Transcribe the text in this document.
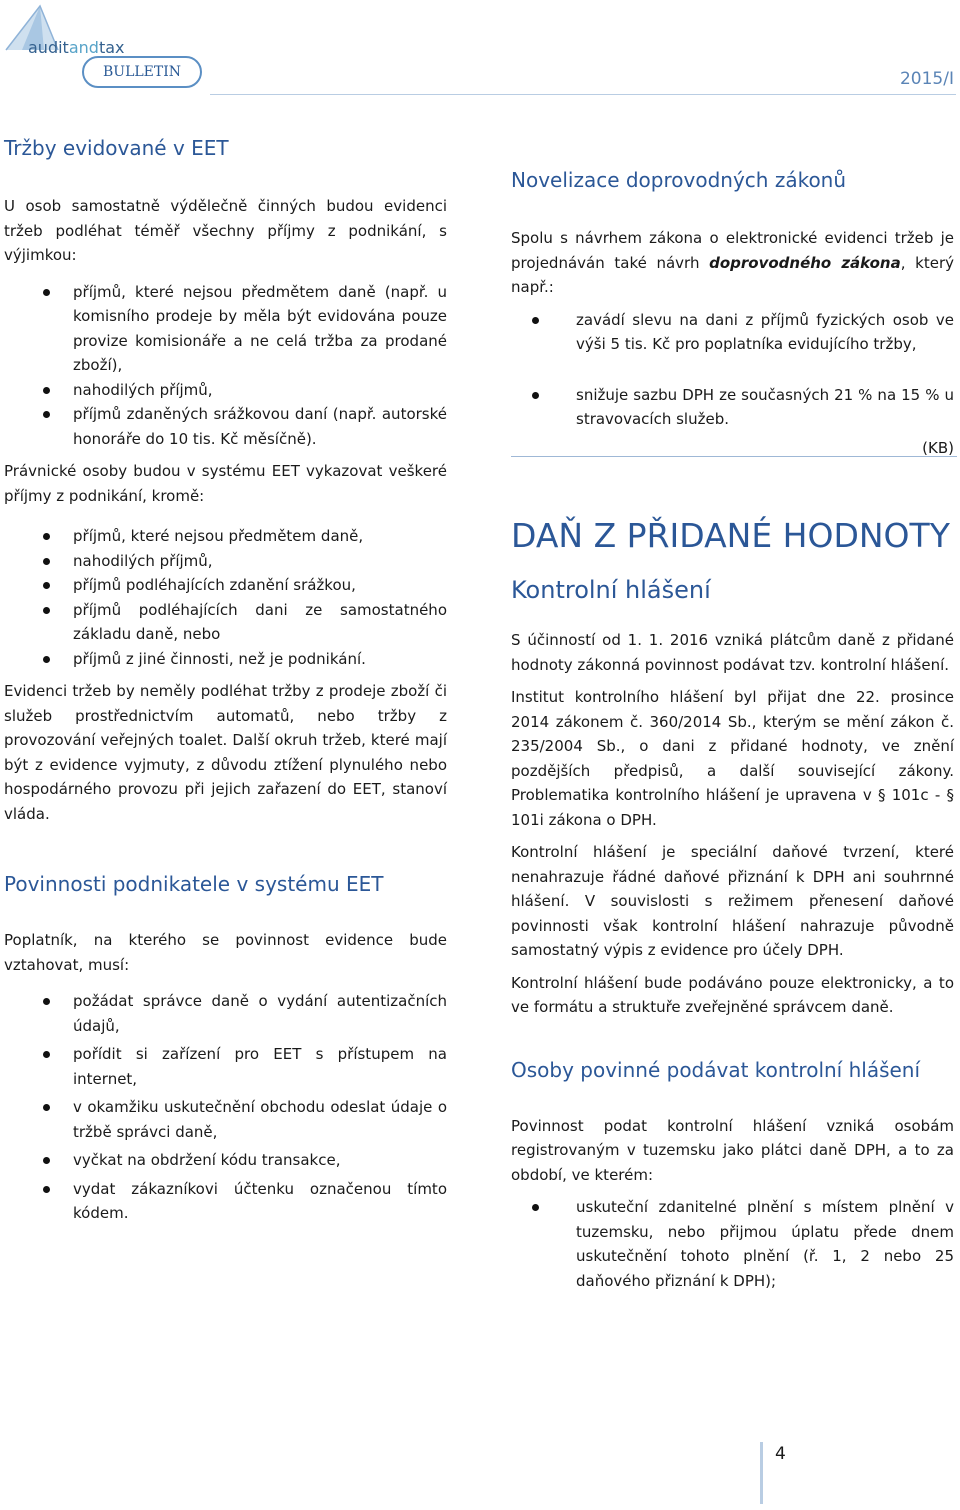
auditandtax
BULLETIN	2015/I
Tržby evidované v EET

U osob samostatně výdělečně činných budou evidenci tržeb podléhat téměř všechny příjmy z podnikání, s výjimkou:

příjmů, které nejsou předmětem daně (např. u komisního prodeje by měla být evidována pouze provize komisionáře a ne celá tržba za prodané zboží),
nahodilých příjmů,
příjmů zdaněných srážkovou daní (např. autorské honoráře do 10 tis. Kč měsíčně).

Právnické osoby budou v systému EET vykazovat veškeré příjmy z podnikání, kromě:

příjmů, které nejsou předmětem daně,
nahodilých příjmů,
příjmů podléhajících zdanění srážkou,
příjmů podléhajících dani ze samostatného základu daně, nebo
příjmů z jiné činnosti, než je podnikání.

Evidenci tržeb by neměly podléhat tržby z prodeje zboží či služeb prostřednictvím automatů, nebo tržby z provozování veřejných toalet. Další okruh tržeb, které mají být z evidence vyjmuty, z důvodu ztížení plynulého nebo hospodárného provozu při jejich zařazení do EET, stanoví vláda.

Povinnosti podnikatele v systému EET

Poplatník, na kterého se povinnost evidence bude vztahovat, musí:

požádat správce daně o vydání autentizačních údajů,
pořídit si zařízení pro EET s přístupem na internet,
v okamžiku uskutečnění obchodu odeslat údaje o tržbě správci daně,
vyčkat na obdržení kódu transakce,
vydat zákazníkovi účtenku označenou tímto kódem.
Novelizace doprovodných zákonů

Spolu s návrhem zákona o elektronické evidenci tržeb je projednáván také návrh doprovodného zákona, který např.:

zavádí slevu na dani z příjmů fyzických osob ve výši 5 tis. Kč pro poplatníka evidujícího tržby,
snižuje sazbu DPH ze současných 21 % na 15 % u stravovacích služeb.
(KB)
DAŇ Z PŘIDANÉ HODNOTY
Kontrolní hlášení

S účinností od 1. 1. 2016 vzniká plátcům daně z přidané hodnoty zákonná povinnost podávat tzv. kontrolní hlášení.

Institut kontrolního hlášení byl přijat dne 22. prosince 2014 zákonem č. 360/2014 Sb., kterým se mění zákon č. 235/2004 Sb., o dani z přidané hodnoty, ve znění pozdějších předpisů, a další související zákony. Problematika kontrolního hlášení je upravena v § 101c - § 101i zákona o DPH.

Kontrolní hlášení je speciální daňové tvrzení, které nenahrazuje řádné daňové přiznání k DPH ani souhrnné hlášení. V souvislosti s režimem přenesení daňové povinnosti však kontrolní hlášení nahrazuje původně samostatný výpis z evidence pro účely DPH.

Kontrolní hlášení bude podáváno pouze elektronicky, a to ve formátu a struktuře zveřejněné správcem daně.

Osoby povinné podávat kontrolní hlášení

Povinnost podat kontrolní hlášení vzniká osobám registrovaným v tuzemsku jako plátci daně DPH, a to za období, ve kterém:

uskuteční zdanitelné plnění s místem plnění v tuzemsku, nebo přijmou úplatu přede dnem uskutečnění tohoto plnění (ř. 1, 2 nebo 25 daňového přiznání k DPH);
4
